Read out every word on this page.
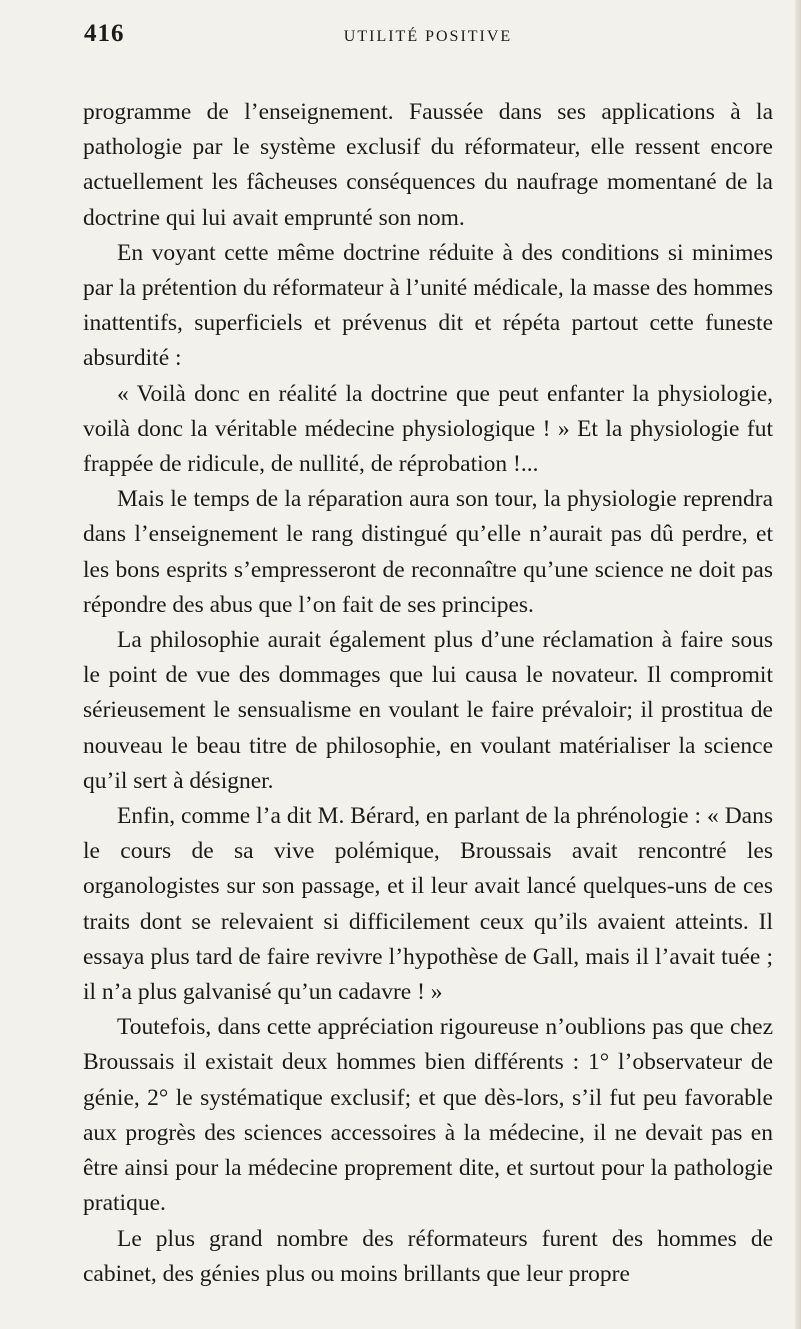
416	UTILITÉ POSITIVE

programme de l’enseignement. Faussée dans ses applications à la pathologie par le système exclusif du réformateur, elle ressent encore actuellement les fâcheuses conséquences du naufrage momentané de la doctrine qui lui avait emprunté son nom.

En voyant cette même doctrine réduite à des conditions si minimes par la prétention du réformateur à l’unité médicale, la masse des hommes inattentifs, superficiels et prévenus dit et répéta partout cette funeste absurdité :

« Voilà donc en réalité la doctrine que peut enfanter la physiologie, voilà donc la véritable médecine physiologique ! » Et la physiologie fut frappée de ridicule, de nullité, de réprobation !...

Mais le temps de la réparation aura son tour, la physiologie reprendra dans l’enseignement le rang distingué qu’elle n’aurait pas dû perdre, et les bons esprits s’empresseront de reconnaître qu’une science ne doit pas répondre des abus que l’on fait de ses principes.

La philosophie aurait également plus d’une réclamation à faire sous le point de vue des dommages que lui causa le novateur. Il compromit sérieusement le sensualisme en voulant le faire prévaloir; il prostitua de nouveau le beau titre de philosophie, en voulant matérialiser la science qu’il sert à désigner.

Enfin, comme l’a dit M. Bérard, en parlant de la phrénologie : « Dans le cours de sa vive polémique, Broussais avait rencontré les organologistes sur son passage, et il leur avait lancé quelques-uns de ces traits dont se relevaient si difficilement ceux qu’ils avaient atteints. Il essaya plus tard de faire revivre l’hypothèse de Gall, mais il l’avait tuée ; il n’a plus galvanisé qu’un cadavre ! »

Toutefois, dans cette appréciation rigoureuse n’oublions pas que chez Broussais il existait deux hommes bien différents : 1° l’observateur de génie, 2° le systématique exclusif; et que dès-lors, s’il fut peu favorable aux progrès des sciences accessoires à la médecine, il ne devait pas en être ainsi pour la médecine proprement dite, et surtout pour la pathologie pratique.

Le plus grand nombre des réformateurs furent des hommes de cabinet, des génies plus ou moins brillants que leur propre
